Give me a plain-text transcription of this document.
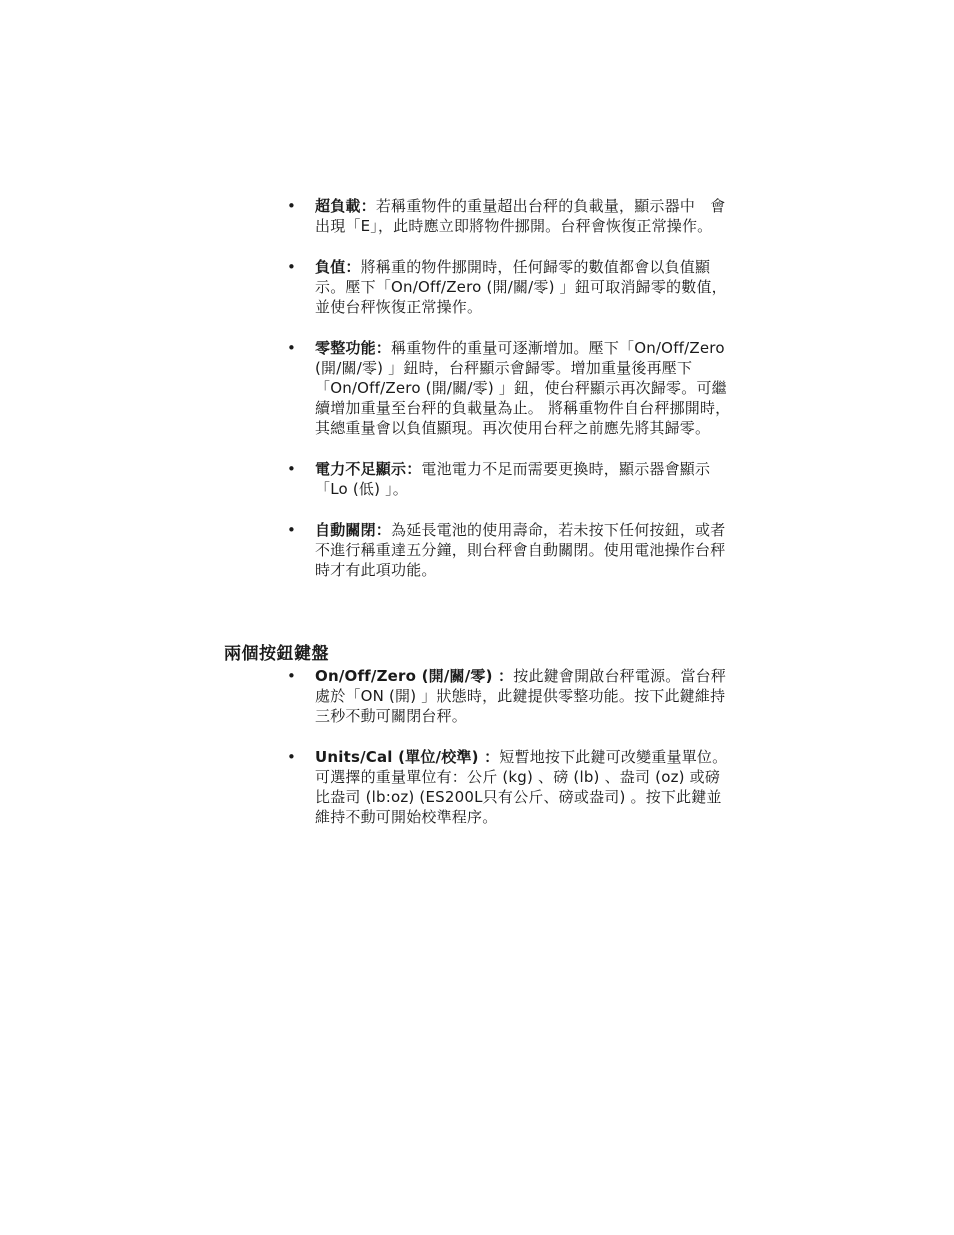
• 超負載：若稱重物件的重量超出台秤的負載量，顯示器中　會出現「E」，此時應立即將物件挪開。台秤會恢復正常操作。
• 負值：將稱重的物件挪開時，任何歸零的數值都會以負值顯示。壓下「On/Off/Zero (開/關/零) 」鈕可取消歸零的數值，並使台秤恢復正常操作。
• 零整功能：稱重物件的重量可逐漸增加。壓下「On/Off/Zero (開/關/零) 」鈕時，台秤顯示會歸零。增加重量後再壓下「On/Off/Zero (開/關/零) 」鈕，使台秤顯示再次歸零。可繼續增加重量至台秤的負載量為止。 將稱重物件自台秤挪開時，其總重量會以負值顯現。再次使用台秤之前應先將其歸零。
• 電力不足顯示：電池電力不足而需要更換時，顯示器會顯示「Lo (低) 」。
• 自動關閉：為延長電池的使用壽命，若未按下任何按鈕，或者不進行稱重達五分鐘，則台秤會自動關閉。使用電池操作台秤時才有此項功能。
兩個按鈕鍵盤
• On/Off/Zero (開/關/零) ：按此鍵會開啟台秤電源。當台秤處於「ON (開) 」狀態時，此鍵提供零整功能。按下此鍵維持三秒不動可關閉台秤。
• Units/Cal (單位/校準) ：短暫地按下此鍵可改變重量單位。可選擇的重量單位有：公斤 (kg) 、磅 (lb) 、盎司 (oz) 或磅比盎司 (lb:oz) (ES200L只有公斤、磅或盎司) 。按下此鍵並維持不動可開始校準程序。
